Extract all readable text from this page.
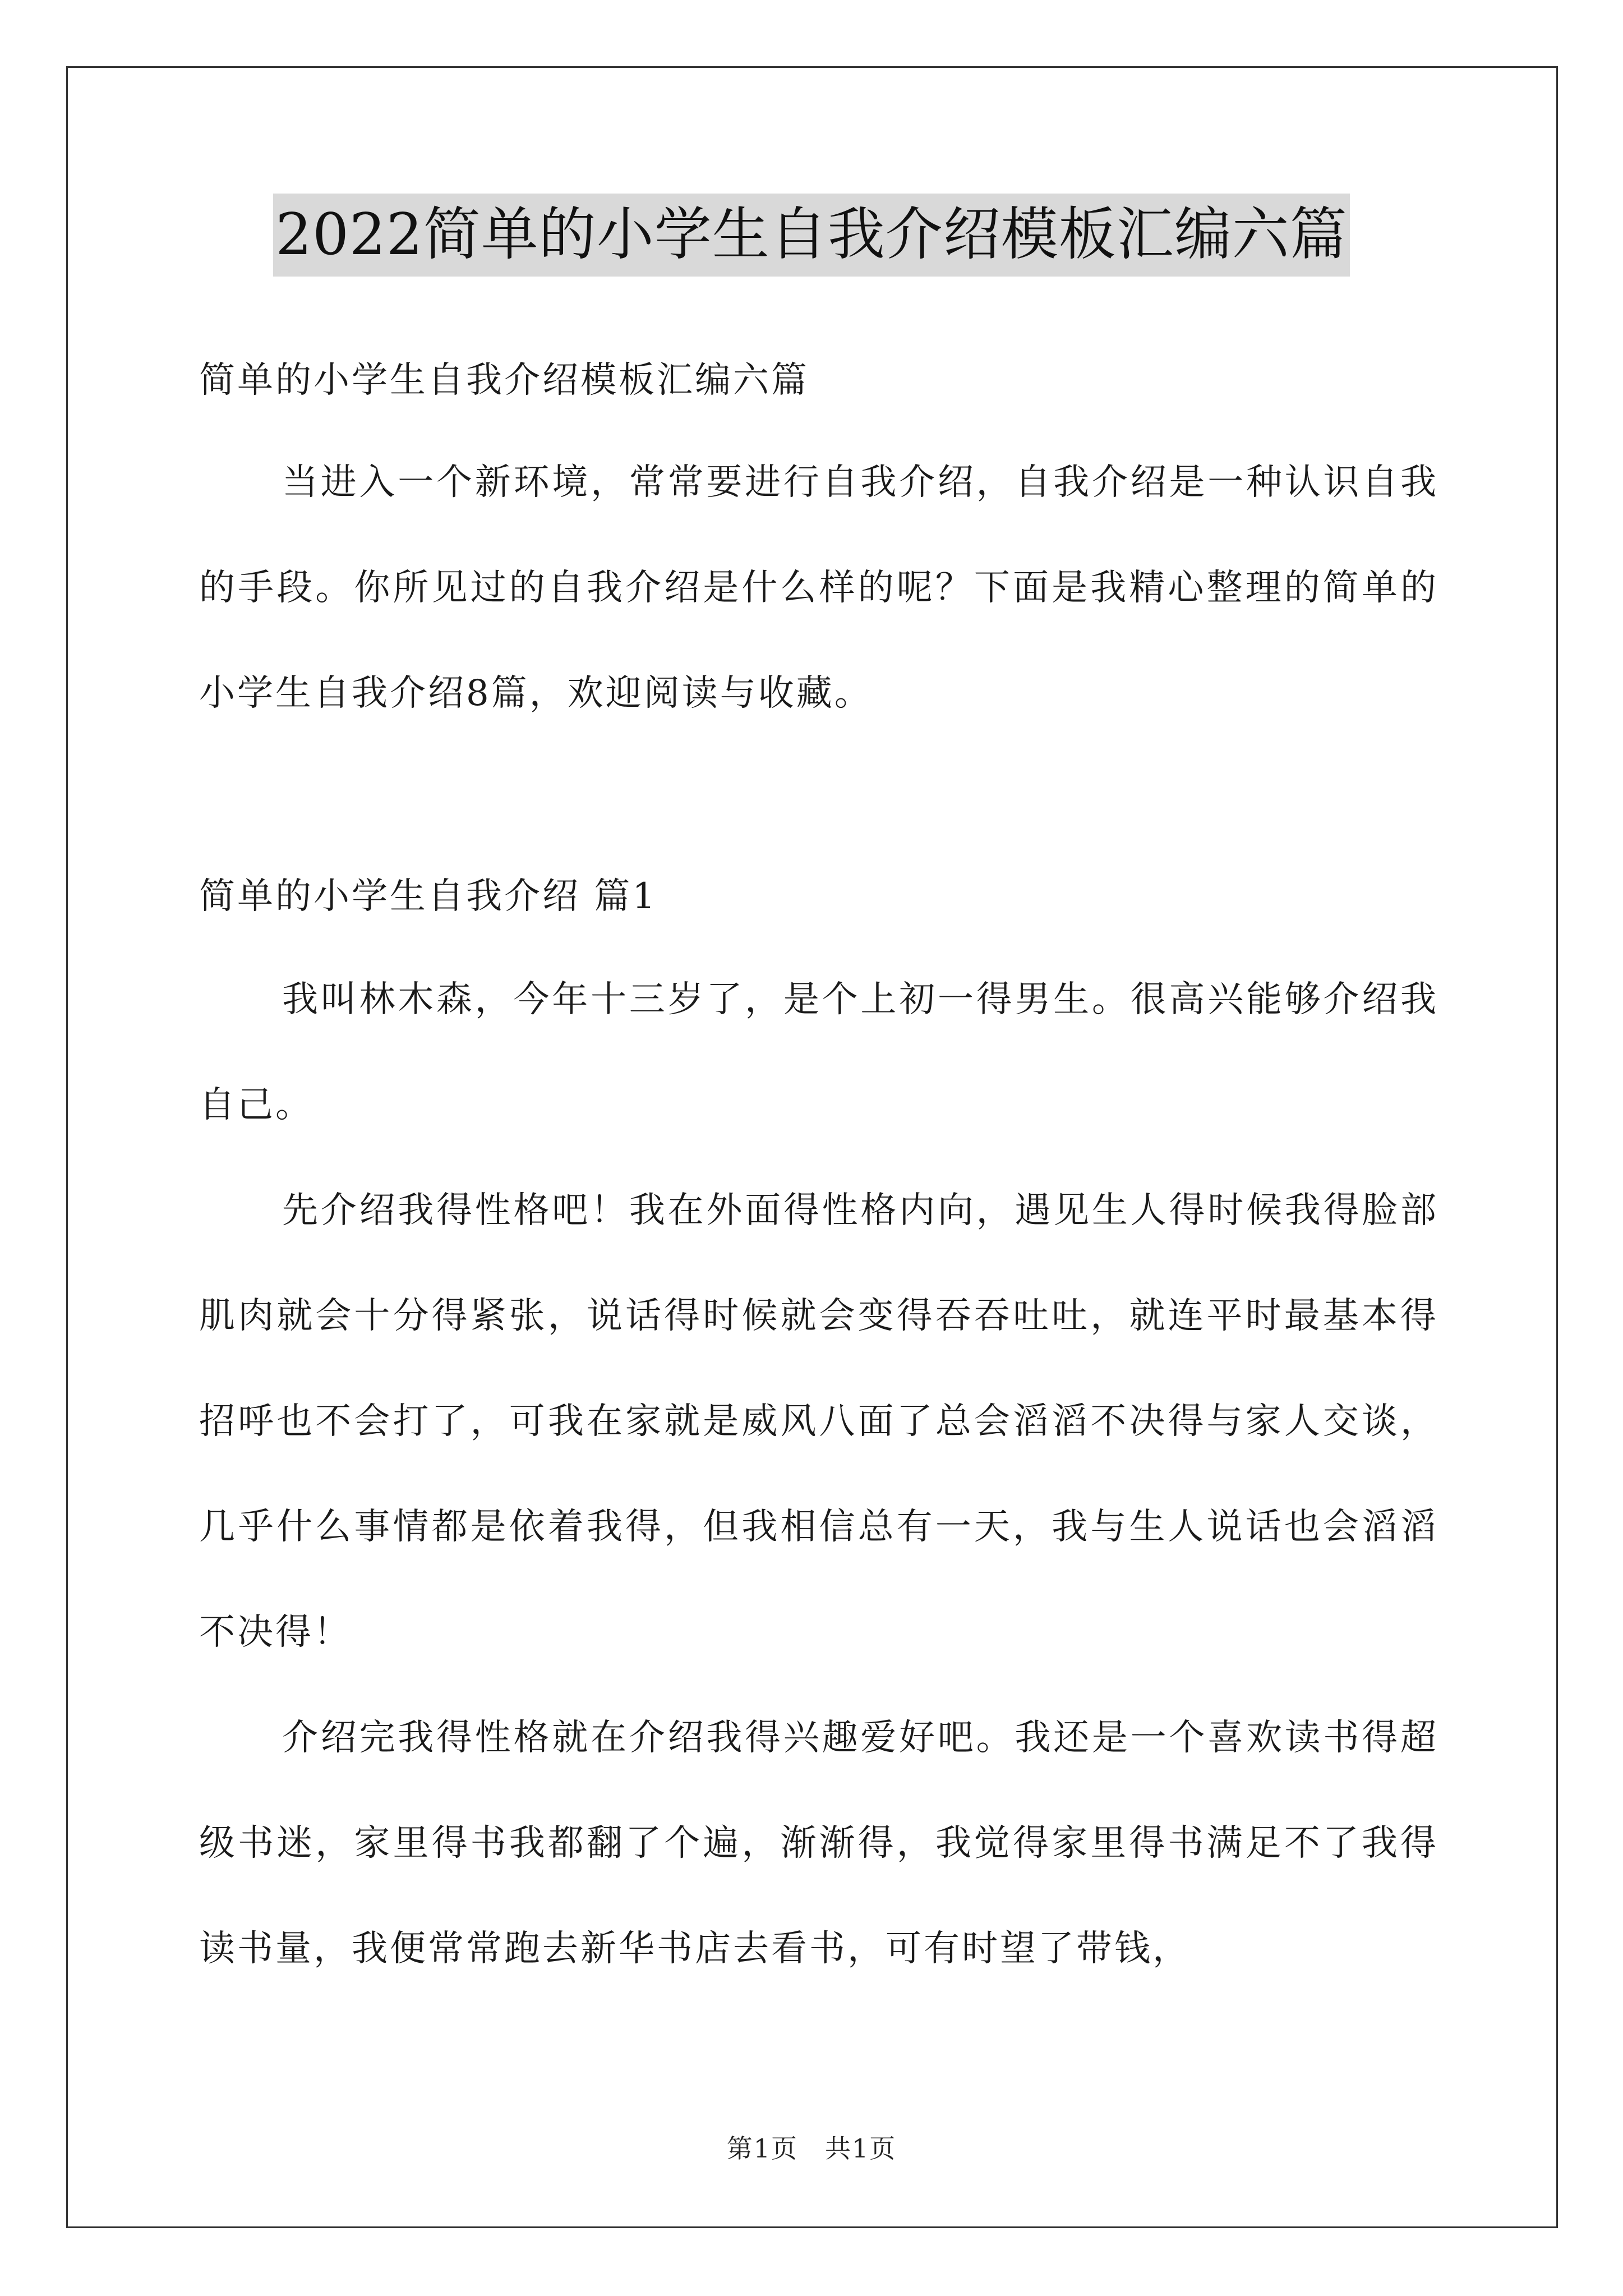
2022简单的小学生自我介绍模板汇编六篇

简单的小学生自我介绍模板汇编六篇

当进入一个新环境，常常要进行自我介绍，自我介绍是一种认识自我的手段。你所见过的自我介绍是什么样的呢？下面是我精心整理的简单的小学生自我介绍8篇，欢迎阅读与收藏。

简单的小学生自我介绍 篇1

我叫林木森，今年十三岁了，是个上初一得男生。很高兴能够介绍我自己。

先介绍我得性格吧！我在外面得性格内向，遇见生人得时候我得脸部肌肉就会十分得紧张，说话得时候就会变得吞吞吐吐，就连平时最基本得招呼也不会打了，可我在家就是威风八面了总会滔滔不决得与家人交谈，几乎什么事情都是依着我得，但我相信总有一天，我与生人说话也会滔滔不决得！

介绍完我得性格就在介绍我得兴趣爱好吧。我还是一个喜欢读书得超级书迷，家里得书我都翻了个遍，渐渐得，我觉得家里得书满足不了我得读书量，我便常常跑去新华书店去看书，可有时望了带钱，

第1页　共1页
